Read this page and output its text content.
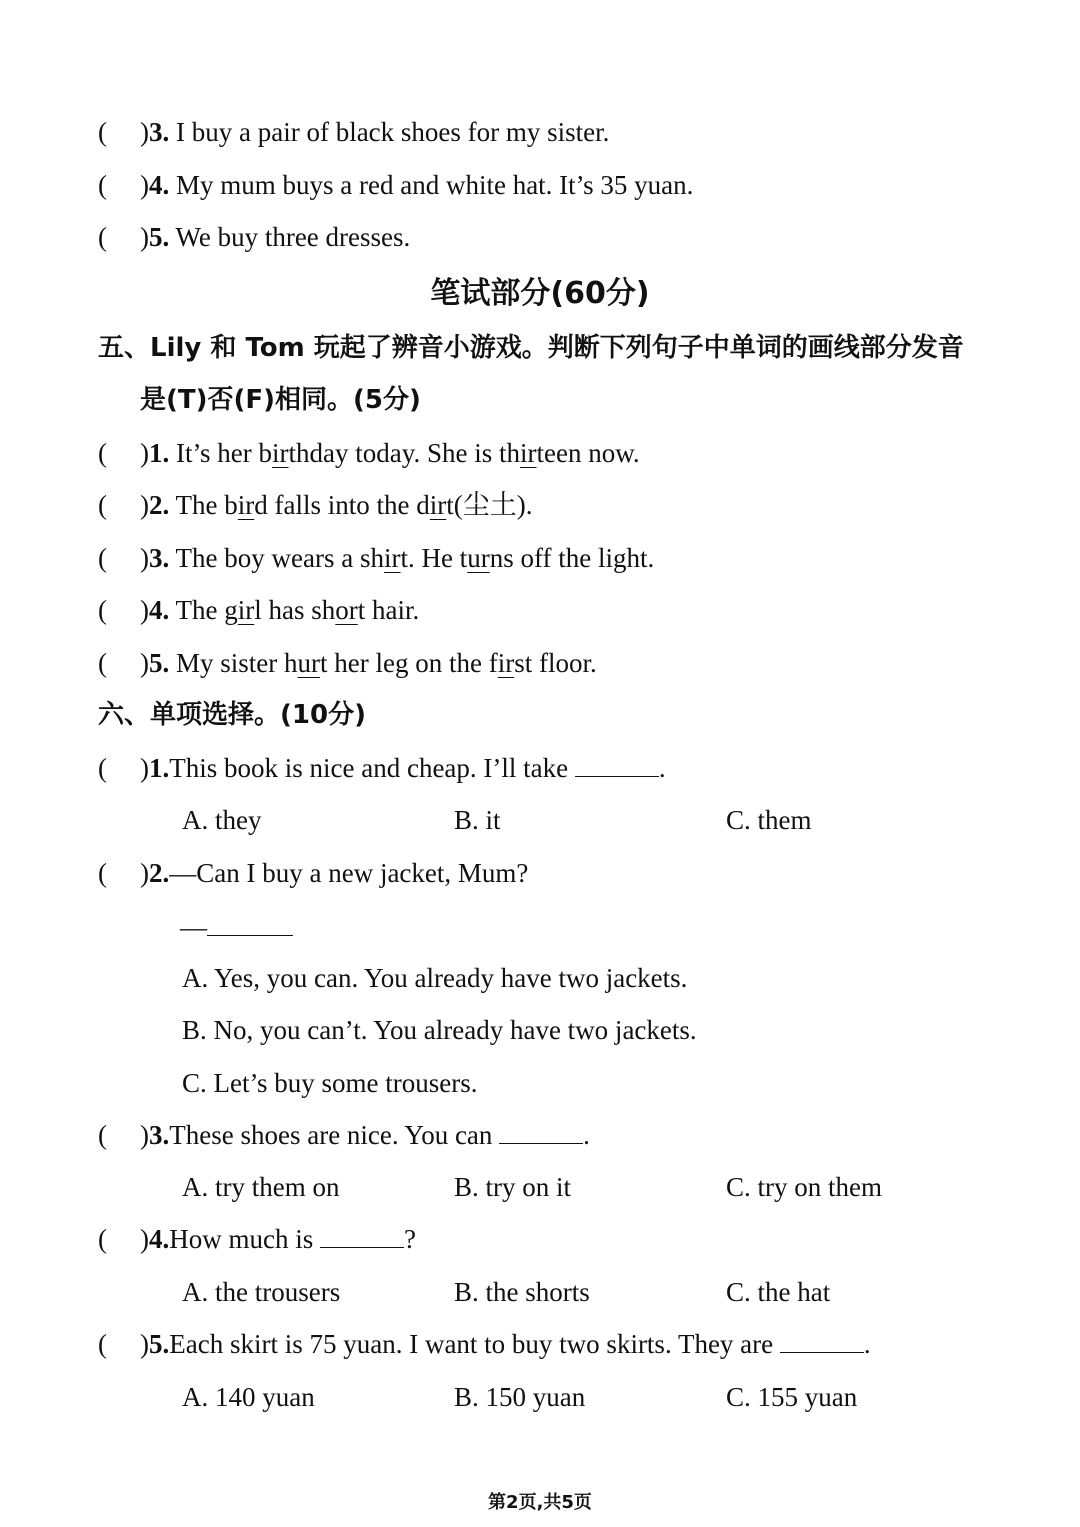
( )3. I buy a pair of black shoes for my sister.
( )4. My mum buys a red and white hat. It’s 35 yuan.
( )5. We buy three dresses.
笔试部分(60分)
五、Lily 和 Tom 玩起了辨音小游戏。判断下列句子中单词的画线部分发音
是(T)否(F)相同。(5分)
( )1. It’s her birthday today. She is thirteen now.
( )2. The bird falls into the dirt(尘土).
( )3. The boy wears a shirt. He turns off the light.
( )4. The girl has short hair.
( )5. My sister hurt her leg on the first floor.
六、单项选择。(10分)
( )1.This book is nice and cheap. I’ll take	.
A. they	B. it	C. them
( )2.—Can I buy a new jacket, Mum?
—
A. Yes, you can. You already have two jackets.
B. No, you can’t. You already have two jackets.
C. Let’s buy some trousers.
( )3.These shoes are nice. You can	.
A. try them on	B. try on it	C. try on them
( )4.How much is	?
A. the trousers	B. the shorts	C. the hat
( )5.Each skirt is 75 yuan. I want to buy two skirts. They are	.
A. 140 yuan	B. 150 yuan	C. 155 yuan
第2页,共5页
